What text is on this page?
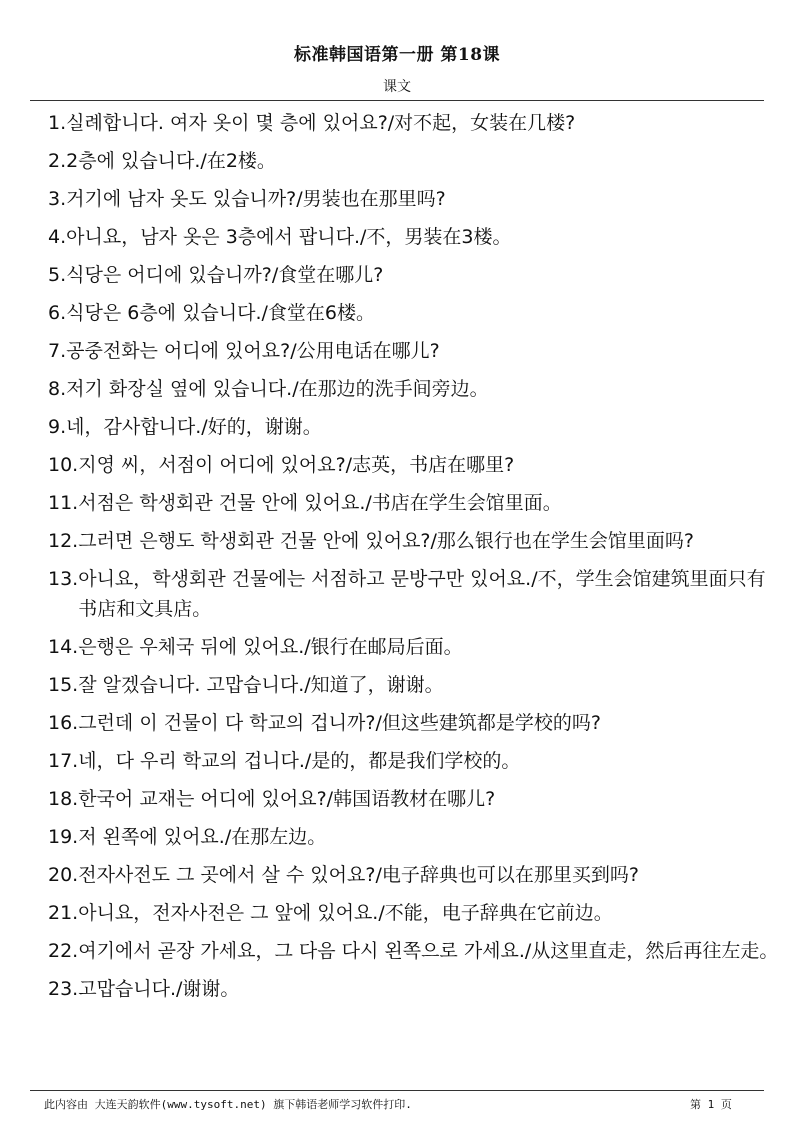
标准韩国语第一册 第18课
课文
1. 실례합니다. 여자 옷이 몇 층에 있어요?/对不起，女装在几楼?
2. 2층에 있습니다./在2楼。
3. 거기에 남자 옷도 있습니까?/男装也在那里吗?
4. 아니요，남자 옷은 3층에서 팝니다./不，男装在3楼。
5. 식당은 어디에 있습니까?/食堂在哪儿?
6. 식당은 6층에 있습니다./食堂在6楼。
7. 공중전화는 어디에 있어요?/公用电话在哪儿?
8. 저기 화장실 옆에 있습니다./在那边的洗手间旁边。
9. 네，감사합니다./好的，谢谢。
10. 지영 씨，서점이 어디에 있어요?/志英，书店在哪里?
11. 서점은 학생회관 건물 안에 있어요./书店在学生会馆里面。
12. 그러면 은행도 학생회관 건물 안에 있어요?/那么银行也在学生会馆里面吗?
13. 아니요，학생회관 건물에는 서점하고 문방구만 있어요./不，学生会馆建筑里面只有书店和文具店。
14. 은행은 우체국 뒤에 있어요./银行在邮局后面。
15. 잘 알겠습니다. 고맙습니다./知道了，谢谢。
16. 그런데 이 건물이 다 학교의 겁니까?/但这些建筑都是学校的吗?
17. 네，다 우리 학교의 겁니다./是的，都是我们学校的。
18. 한국어 교재는 어디에 있어요?/韩国语教材在哪儿?
19. 저 왼쪽에 있어요./在那左边。
20. 전자사전도 그 곳에서 살 수 있어요?/电子辞典也可以在那里买到吗?
21. 아니요，전자사전은 그 앞에 있어요./不能，电子辞典在它前边。
22. 여기에서 곧장 가세요，그 다음 다시 왼쪽으로 가세요./从这里直走，然后再往左走。
23. 고맙습니다./谢谢。
此内容由 大连天韵软件(www.tysoft.net) 旗下韩语老师学习软件打印.	第 1 页
